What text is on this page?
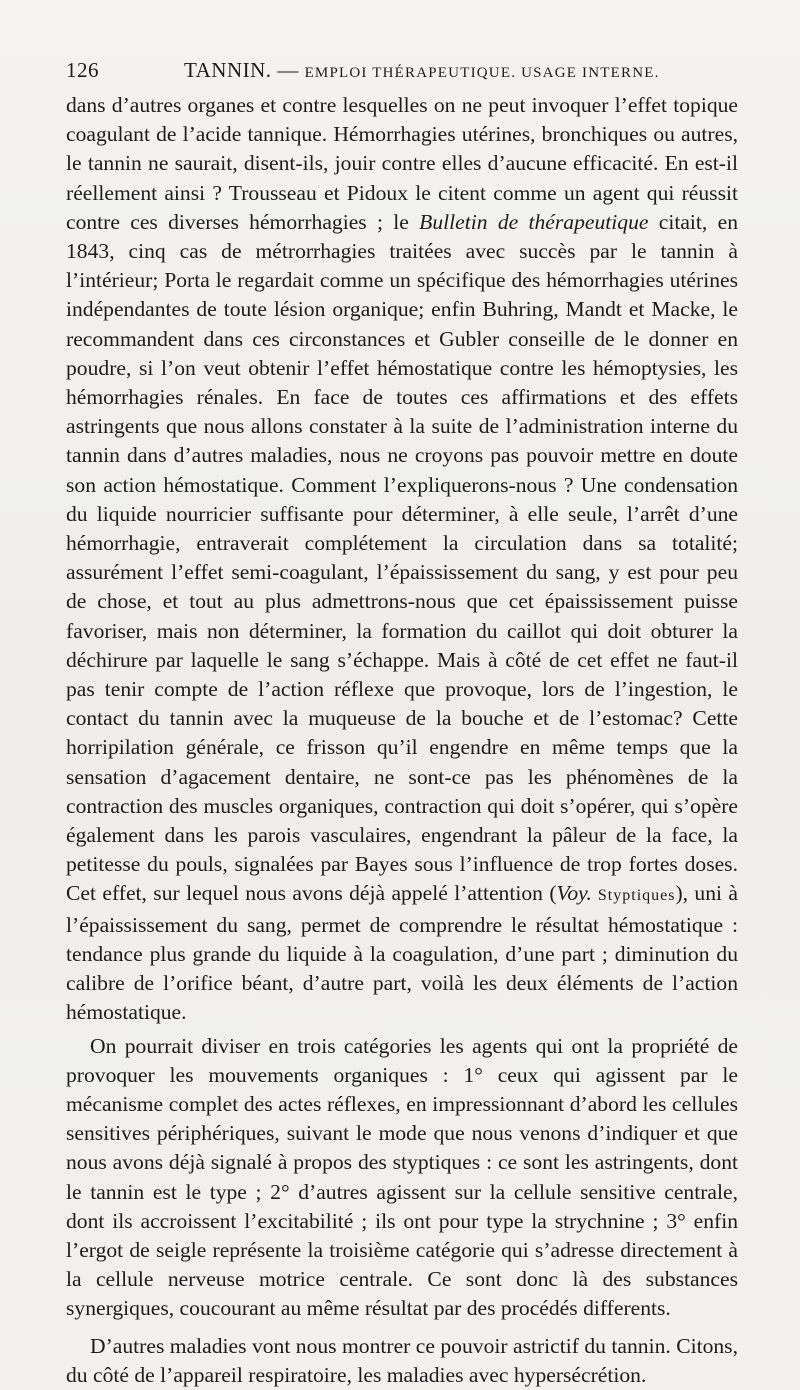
126	TANNIN. — EMPLOI THÉRAPEUTIQUE. USAGE INTERNE.

dans d’autres organes et contre lesquelles on ne peut invoquer l’effet topique coagulant de l’acide tannique. Hémorrhagies utérines, bronchiques ou autres, le tannin ne saurait, disent-ils, jouir contre elles d’aucune efficacité. En est-il réellement ainsi ? Trousseau et Pidoux le citent comme un agent qui réussit contre ces diverses hémorrhagies ; le Bulletin de thérapeutique citait, en 1843, cinq cas de métrorrhagies traitées avec succès par le tannin à l’intérieur; Porta le regardait comme un spécifique des hémorrhagies utérines indépendantes de toute lésion organique; enfin Buhring, Mandt et Macke, le recommandent dans ces circonstances et Gubler conseille de le donner en poudre, si l’on veut obtenir l’effet hémostatique contre les hémoptysies, les hémorrhagies rénales. En face de toutes ces affirmations et des effets astringents que nous allons constater à la suite de l’administration interne du tannin dans d’autres maladies, nous ne croyons pas pouvoir mettre en doute son action hémostatique. Comment l’expliquerons-nous ? Une condensation du liquide nourricier suffisante pour déterminer, à elle seule, l’arrêt d’une hémorrhagie, entraverait complétement la circulation dans sa totalité; assurément l’effet semi-coagulant, l’épaississement du sang, y est pour peu de chose, et tout au plus admettrons-nous que cet épaississement puisse favoriser, mais non déterminer, la formation du caillot qui doit obturer la déchirure par laquelle le sang s’échappe. Mais à côté de cet effet ne faut-il pas tenir compte de l’action réflexe que provoque, lors de l’ingestion, le contact du tannin avec la muqueuse de la bouche et de l’estomac? Cette horripilation générale, ce frisson qu’il engendre en même temps que la sensation d’agacement dentaire, ne sont-ce pas les phénomènes de la contraction des muscles organiques, contraction qui doit s’opérer, qui s’opère également dans les parois vasculaires, engendrant la pâleur de la face, la petitesse du pouls, signalées par Bayes sous l’influence de trop fortes doses. Cet effet, sur lequel nous avons déjà appelé l’attention (Voy. Styptiques), uni à l’épaississement du sang, permet de comprendre le résultat hémostatique : tendance plus grande du liquide à la coagulation, d’une part ; diminution du calibre de l’orifice béant, d’autre part, voilà les deux éléments de l’action hémostatique.

On pourrait diviser en trois catégories les agents qui ont la propriété de provoquer les mouvements organiques : 1° ceux qui agissent par le mécanisme complet des actes réflexes, en impressionnant d’abord les cellules sensitives périphériques, suivant le mode que nous venons d’indiquer et que nous avons déjà signalé à propos des styptiques : ce sont les astringents, dont le tannin est le type ; 2° d’autres agissent sur la cellule sensitive centrale, dont ils accroissent l’excitabilité ; ils ont pour type la strychnine ; 3° enfin l’ergot de seigle représente la troisième catégorie qui s’adresse directement à la cellule nerveuse motrice centrale. Ce sont donc là des substances synergiques, coucourant au même résultat par des procédés differents.

D’autres maladies vont nous montrer ce pouvoir astrictif du tannin. Citons, du côté de l’appareil respiratoire, les maladies avec hypersécrétion.
